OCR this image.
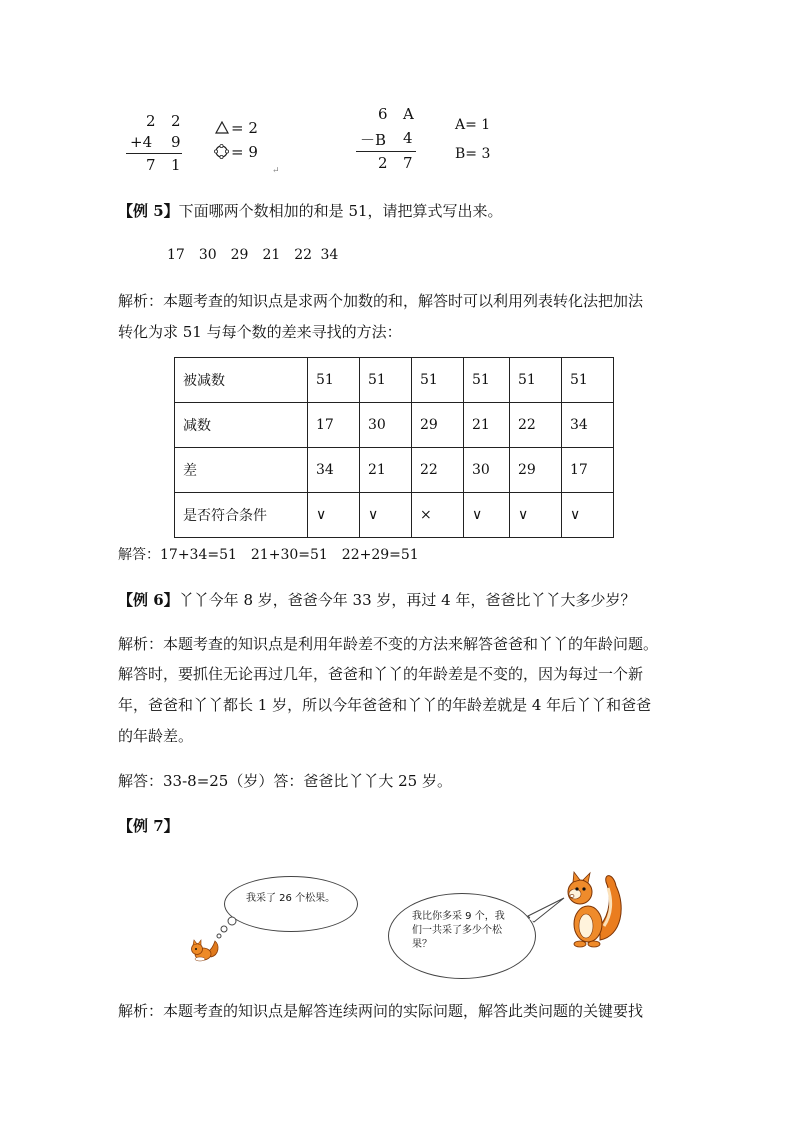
2 2
+4 9
7 1
= 2
= 9
↵
6 A
－B 4
2 7
A= 1
B= 3
【例 5】下面哪两个数相加的和是 51，请把算式写出来。
17　30　29　21　22 34
解析：本题考查的知识点是求两个加数的和，解答时可以利用列表转化法把加法
转化为求 51 与每个数的差来寻找的方法：
被减数	51	51	51	51	51	51
减数	17	30	29	21	22	34
差	34	21	22	30	29	17
是否符合条件	∨	∨	×	∨	∨	∨
解答：17+34=51　21+30=51　22+29=51
【例 6】丫丫今年 8 岁，爸爸今年 33 岁，再过 4 年，爸爸比丫丫大多少岁？
解析：本题考查的知识点是利用年龄差不变的方法来解答爸爸和丫丫的年龄问题。
解答时，要抓住无论再过几年，爸爸和丫丫的年龄差是不变的，因为每过一个新
年，爸爸和丫丫都长 1 岁，所以今年爸爸和丫丫的年龄差就是 4 年后丫丫和爸爸
的年龄差。
解答：33-8=25（岁）答：爸爸比丫丫大 25 岁。
【例 7】
我采了 26 个松果。
我比你多采 9 个，我
们一共采了多少个松
果？
解析：本题考查的知识点是解答连续两问的实际问题，解答此类问题的关键要找
